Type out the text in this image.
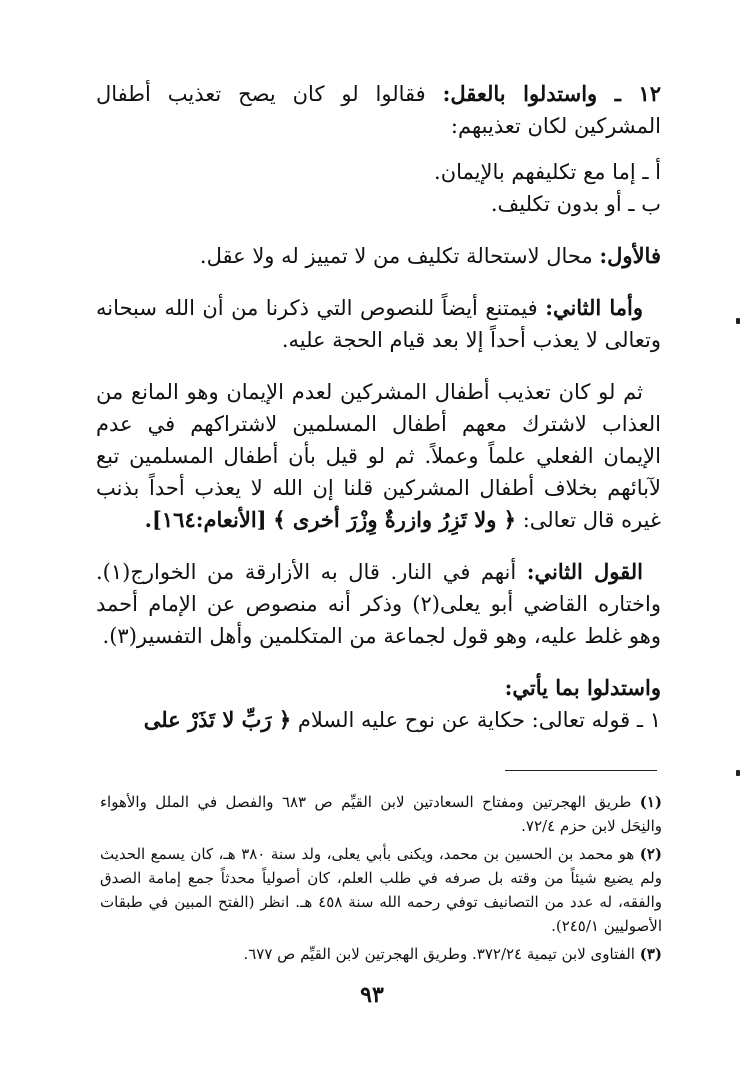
١٢ ـ واستدلوا بالعقل: فقالوا لو كان يصح تعذيب أطفال المشركين لكان تعذيبهم:

أ ـ إما مع تكليفهم بالإيمان.

ب ـ أو بدون تكليف.

فالأول: محال لاستحالة تكليف من لا تمييز له ولا عقل.

وأما الثاني: فيمتنع أيضاً للنصوص التي ذكرنا من أن الله سبحانه وتعالى لا يعذب أحداً إلا بعد قيام الحجة عليه.

ثم لو كان تعذيب أطفال المشركين لعدم الإيمان وهو المانع من العذاب لاشترك معهم أطفال المسلمين لاشتراكهم في عدم الإيمان الفعلي علماً وعملاً. ثم لو قيل بأن أطفال المسلمين تبع لآبائهم بخلاف أطفال المشركين قلنا إن الله لا يعذب أحداً بذنب غيره قال تعالى: ﴿ ولا تَزِرُ وازرةٌ وِزْرَ أخرى ﴾ [الأنعام:١٦٤].

القول الثاني: أنهم في النار. قال به الأزارقة من الخوارج(١). واختاره القاضي أبو يعلى(٢) وذكر أنه منصوص عن الإمام أحمد وهو غلط عليه، وهو قول لجماعة من المتكلمين وأهل التفسير(٣).

واستدلوا بما يأتي:

١ ـ قوله تعالى: حكاية عن نوح عليه السلام ﴿ رَبِّ لا تَذَرْ على

(١) طريق الهجرتين ومفتاح السعادتين لابن القيِّم ص ٦٨٣ والفصل في الملل والأهواء والنِحَل لابن حزم ٧٢/٤.

(٢) هو محمد بن الحسين بن محمد، ويكنى بأبي يعلى، ولد سنة ٣٨٠ هـ، كان يسمع الحديث ولم يضيع شيئاً من وقته بل صرفه في طلب العلم، كان أصولياً محدثاً جمع إمامة الصدق والفقه، له عدد من التصانيف توفي رحمه الله سنة ٤٥٨ هـ. انظر (الفتح المبين في طبقات الأصوليين ٢٤٥/١).

(٣) الفتاوى لابن تيمية ٣٧٢/٢٤. وطريق الهجرتين لابن القيِّم ص ٦٧٧.

٩٣
